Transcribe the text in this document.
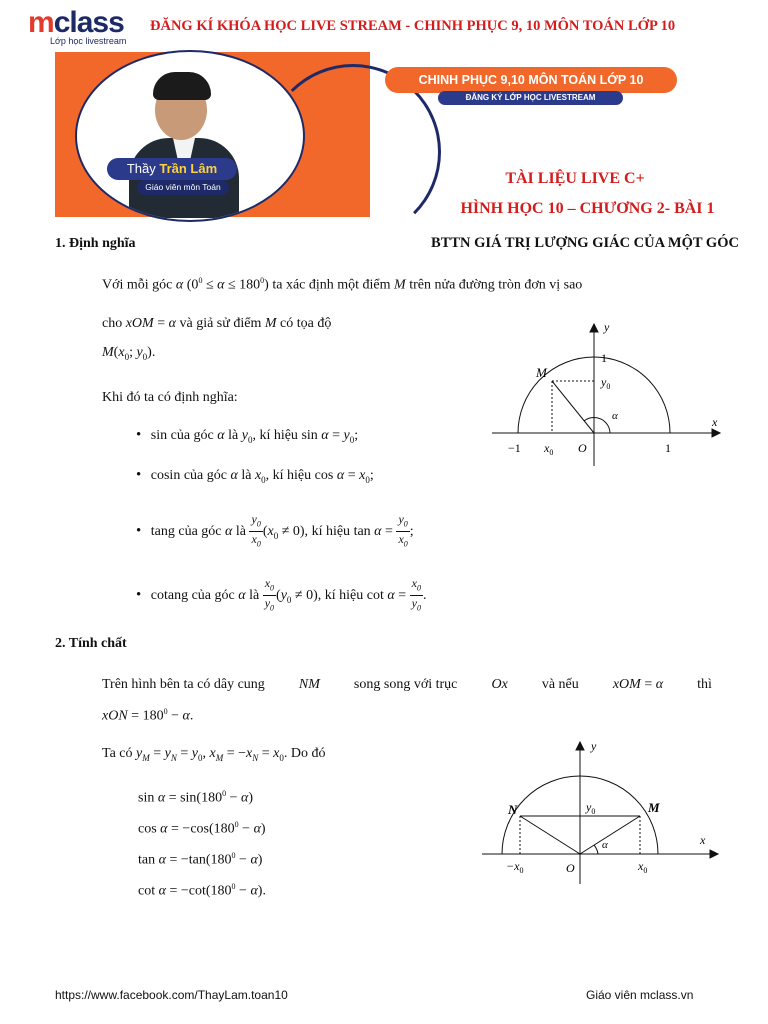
mclass
Lớp học livestream
ĐĂNG KÍ KHÓA HỌC LIVE STREAM - CHINH PHỤC 9, 10 MÔN TOÁN LỚP 10
Thầy Trần Lâm
Giáo viên môn Toán
CHINH PHỤC 9,10 MÔN TOÁN LỚP 10
ĐĂNG KÝ LỚP HỌC LIVESTREAM
TÀI LIỆU LIVE C+
HÌNH HỌC 10 – CHƯƠNG 2- BÀI 1
BTTN GIÁ TRỊ LƯỢNG GIÁC CỦA MỘT GÓC
1. Định nghĩa
Với mỗi góc α $(0^0 \le \alpha \le 180^0)$ ta xác định một điểm M trên nửa đường tròn đơn vị sao
cho xOM = α và giả sử điểm M có tọa độ
$M(x_0$; $y_0$).
Khi đó ta có định nghĩa:
• sin của góc α là $y_0$, kí hiệu $\sin \alpha = y_0$;
• cosin của góc α là $x_0$, kí hiệu $\cos \alpha = x_0$;
• tang của góc α là $\frac{y_0}{x_0} (x_0 \ne 0)$, kí hiệu $\tan \alpha = \frac{y_0}{x_0}$ ;
• cotang của góc α là $\frac{x_0}{y_0} (y_0 \ne 0)$, kí hiệu $\cot \alpha = \frac{x_0}{y_0}$ .
y
x
1
M
$y_0$
α
−1 $x_0$ O	1
2. Tính chất
Trên hình bên ta có dây cung NM song song với trục Ox và nếu xOM = α thì
xON = $180^0 - \alpha$.
Ta có $y_M = y_N = y_0$, $x_M = -x_N = x_0$. Do đó
$\sin \alpha = \sin(180^0 - \alpha)$
$\cos \alpha = -\cos(180^0 - \alpha)$
$\tan \alpha = -\tan(180^0 - \alpha)$
$\cot \alpha = -\cot(180^0 - \alpha)$.
y
x
N	M
$y_0$
α
$-x_0$	O	$x_0$
https://www.facebook.com/ThayLam.toan10	Giáo viên mclass.vn
